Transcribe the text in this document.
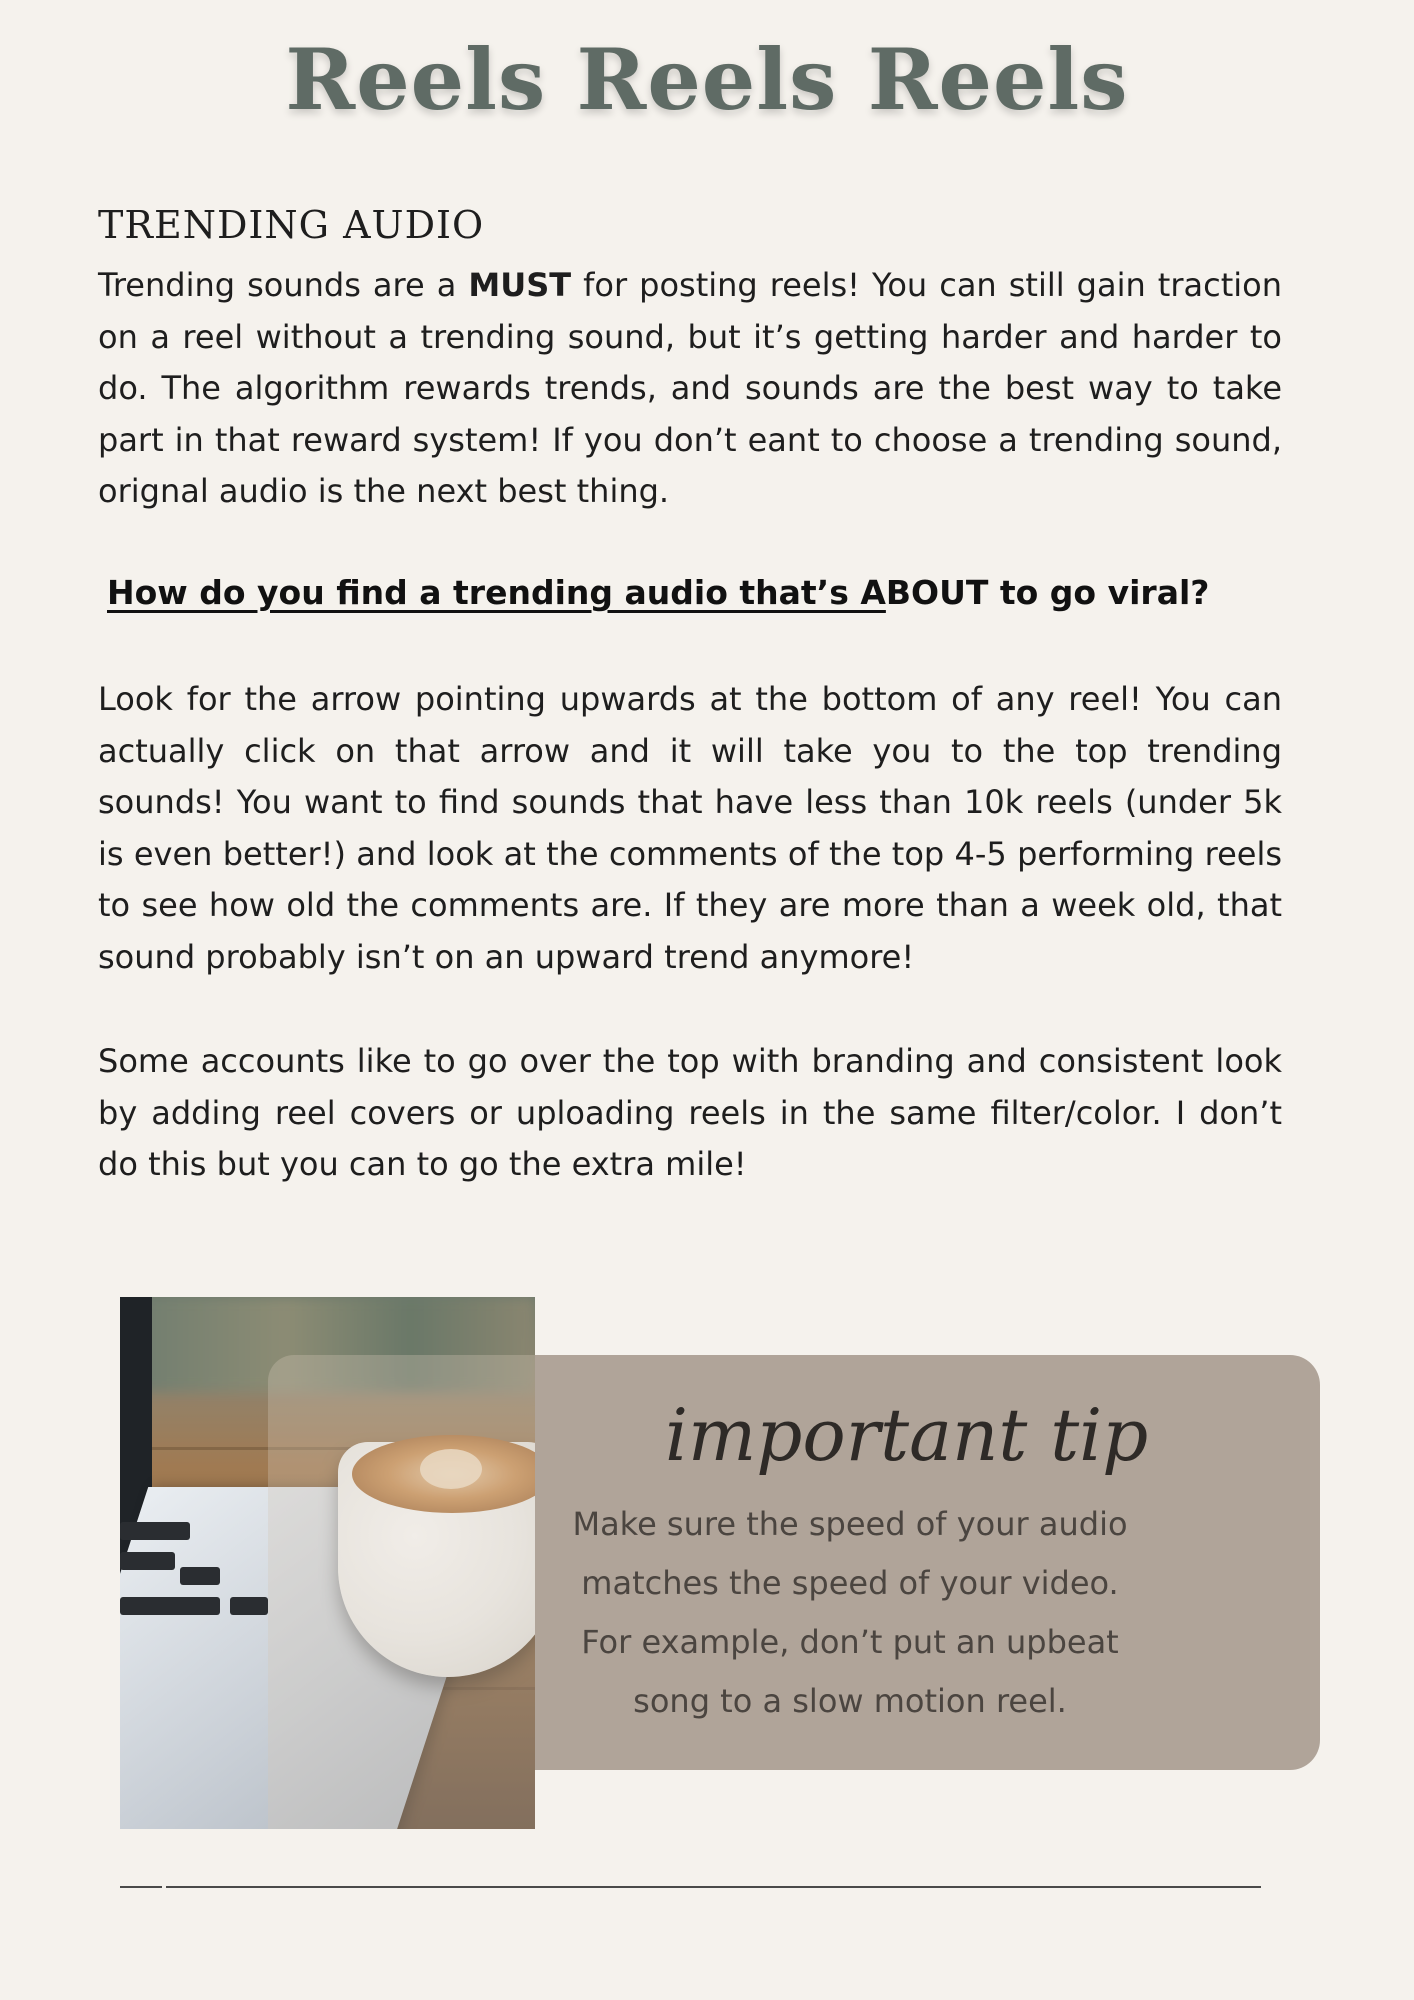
Reels Reels Reels
TRENDING AUDIO

Trending sounds are a MUST for posting reels! You can still gain traction on a reel without a trending sound, but it’s getting harder and harder to do. The algorithm rewards trends, and sounds are the best way to take part in that reward system! If you don’t eant to choose a trending sound, orignal audio is the next best thing.

How do you find a trending audio that’s ABOUT to go viral?

Look for the arrow pointing upwards at the bottom of any reel! You can actually click on that arrow and it will take you to the top trending sounds! You want to find sounds that have less than 10k reels (under 5k is even better!) and look at the comments of the top 4-5 performing reels to see how old the comments are. If they are more than a week old, that sound probably isn’t on an upward trend anymore!

Some accounts like to go over the top with branding and consistent look by adding reel covers or uploading reels in the same filter/color. I don’t do this but you can to go the extra mile!

important tip

Make sure the speed of your audio
matches the speed of your video.
For example, don’t put an upbeat
song to a slow motion reel.
